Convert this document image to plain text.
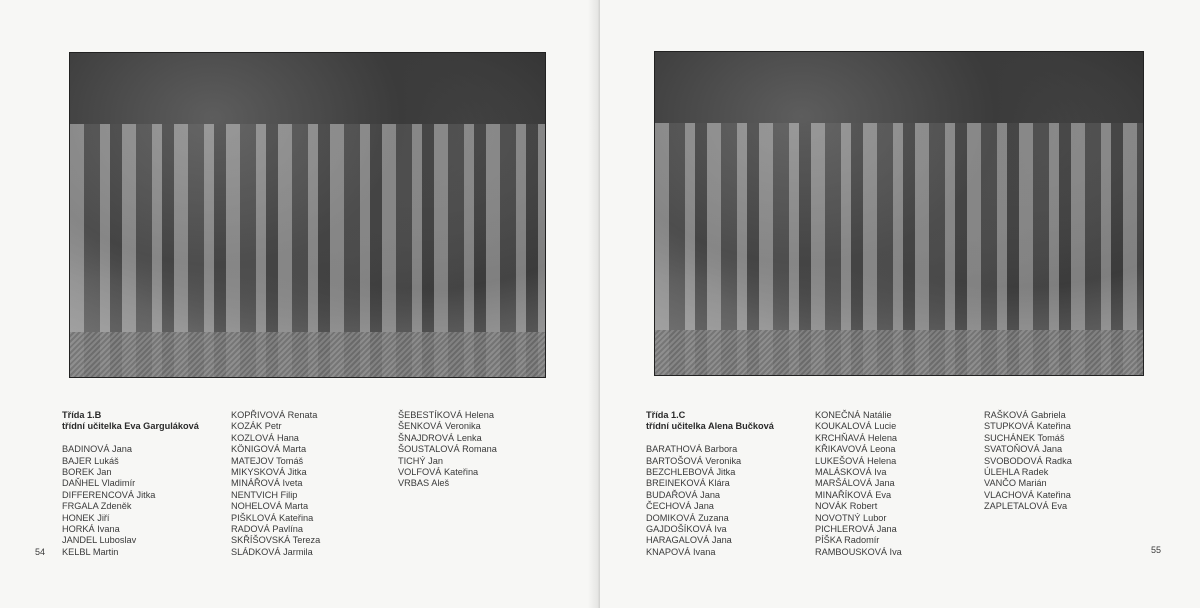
Třída 1.B
třídní učitelka Eva Garguláková
BADINOVÁ Jana
BAJER Lukáš
BOREK Jan
DAŇHEL Vladimír
DIFFERENCOVÁ Jitka
FRGALA Zdeněk
HONEK Jiří
HORKÁ Ivana
JANDEL Luboslav
KELBL Martin
KOPŘIVOVÁ Renata
KOZÁK Petr
KOZLOVÁ Hana
KÖNIGOVÁ Marta
MATEJOV Tomáš
MIKYSKOVÁ Jitka
MINÁŘOVÁ Iveta
NENTVICH Filip
NOHELOVÁ Marta
PIŠKLOVÁ Kateřina
RADOVÁ Pavlína
SKŘÍŠOVSKÁ Tereza
SLÁDKOVÁ Jarmila
ŠEBESTÍKOVÁ Helena
ŠENKOVÁ Veronika
ŠNAJDROVÁ Lenka
ŠOUSTALOVÁ Romana
TICHÝ Jan
VOLFOVÁ Kateřina
VRBAS Aleš
54
Třída 1.C
třídní učitelka Alena Bučková
BARATHOVÁ Barbora
BARTOŠOVÁ Veronika
BEZCHLEBOVÁ Jitka
BREINEKOVÁ Klára
BUDAŘOVÁ Jana
ČECHOVÁ Jana
DOMIKOVÁ Zuzana
GAJDOŠÍKOVÁ Iva
HARAGALOVÁ Jana
KNAPOVÁ Ivana
KONEČNÁ Natálie
KOUKALOVÁ Lucie
KRCHŇAVÁ Helena
KŘIKAVOVÁ Leona
LUKEŠOVÁ Helena
MALÁSKOVÁ Iva
MARŠÁLOVÁ Jana
MINAŘÍKOVÁ Eva
NOVÁK Robert
NOVOTNÝ Lubor
PICHLEROVÁ Jana
PÍŠKA Radomír
RAMBOUSKOVÁ Iva
RAŠKOVÁ Gabriela
STUPKOVÁ Kateřina
SUCHÁNEK Tomáš
SVATOŇOVÁ Jana
SVOBODOVÁ Radka
ÚLEHLA Radek
VANČO Marián
VLACHOVÁ Kateřina
ZAPLETALOVÁ Eva
55
